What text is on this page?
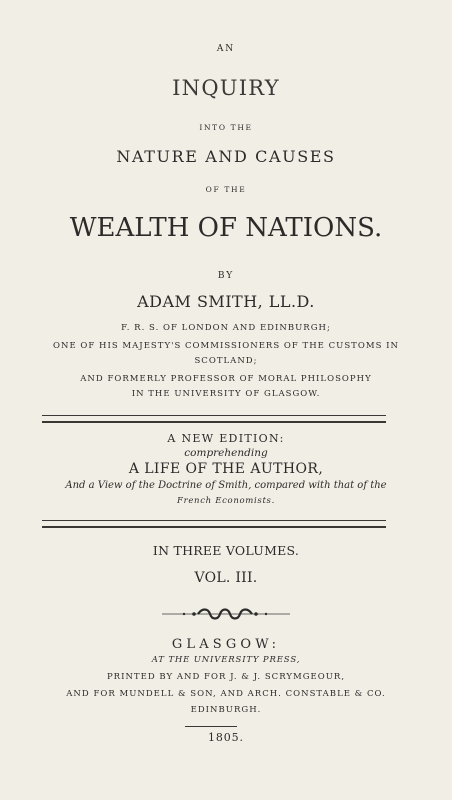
AN
INQUIRY
INTO THE
NATURE AND CAUSES
OF THE
WEALTH OF NATIONS.
BY
ADAM SMITH, LL.D.
F. R. S. OF LONDON AND EDINBURGH;
ONE OF HIS MAJESTY'S COMMISSIONERS OF THE CUSTOMS IN
SCOTLAND;
AND FORMERLY PROFESSOR OF MORAL PHILOSOPHY
IN THE UNIVERSITY OF GLASGOW.
A NEW EDITION:
comprehending
A LIFE OF THE AUTHOR,
And a View of the Doctrine of Smith, compared with that of the
French Economists.
IN THREE VOLUMES.
VOL. III.
GLASGOW:
AT THE UNIVERSITY PRESS,
PRINTED BY AND FOR J. & J. SCRYMGEOUR,
AND FOR MUNDELL & SON, AND ARCH. CONSTABLE & CO.
EDINBURGH.
1805.
